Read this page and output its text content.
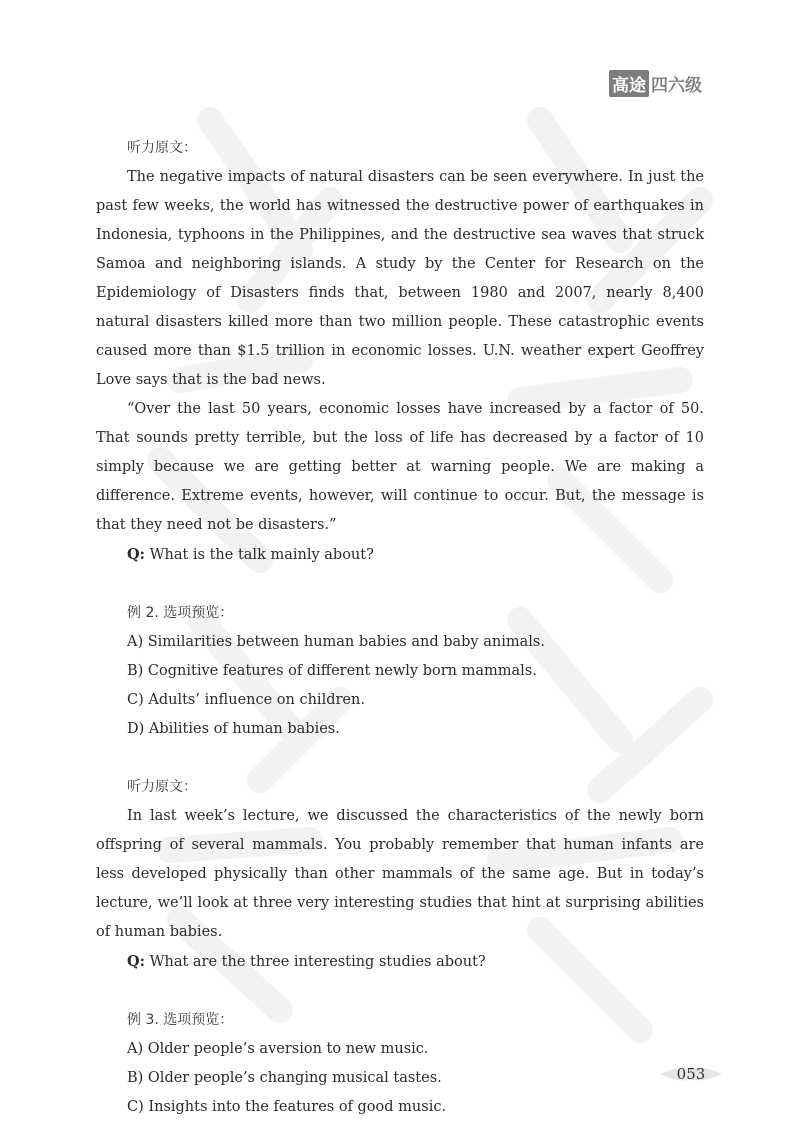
高途 四六级

听力原文：

The negative impacts of natural disasters can be seen everywhere. In just the past few weeks, the world has witnessed the destructive power of earthquakes in Indonesia, typhoons in the Philippines, and the destructive sea waves that struck Samoa and neighboring islands. A study by the Center for Research on the Epidemiology of Disasters finds that, between 1980 and 2007, nearly 8,400 natural disasters killed more than two million people. These catastrophic events caused more than $1.5 trillion in economic losses. U.N. weather expert Geoffrey Love says that is the bad news.

“Over the last 50 years, economic losses have increased by a factor of 50. That sounds pretty terrible, but the loss of life has decreased by a factor of 10 simply because we are getting better at warning people. We are making a difference. Extreme events, however, will continue to occur. But, the message is that they need not be disasters.”

Q: What is the talk mainly about?

例 2. 选项预览：

A) Similarities between human babies and baby animals.

B) Cognitive features of different newly born mammals.

C) Adults’ influence on children.

D) Abilities of human babies.

听力原文：

In last week’s lecture, we discussed the characteristics of the newly born offspring of several mammals. You probably remember that human infants are less developed physically than other mammals of the same age. But in today’s lecture, we’ll look at three very interesting studies that hint at surprising abilities of human babies.

Q: What are the three interesting studies about?

例 3. 选项预览：

A) Older people’s aversion to new music.

B) Older people’s changing musical tastes.

C) Insights into the features of good music.

053
